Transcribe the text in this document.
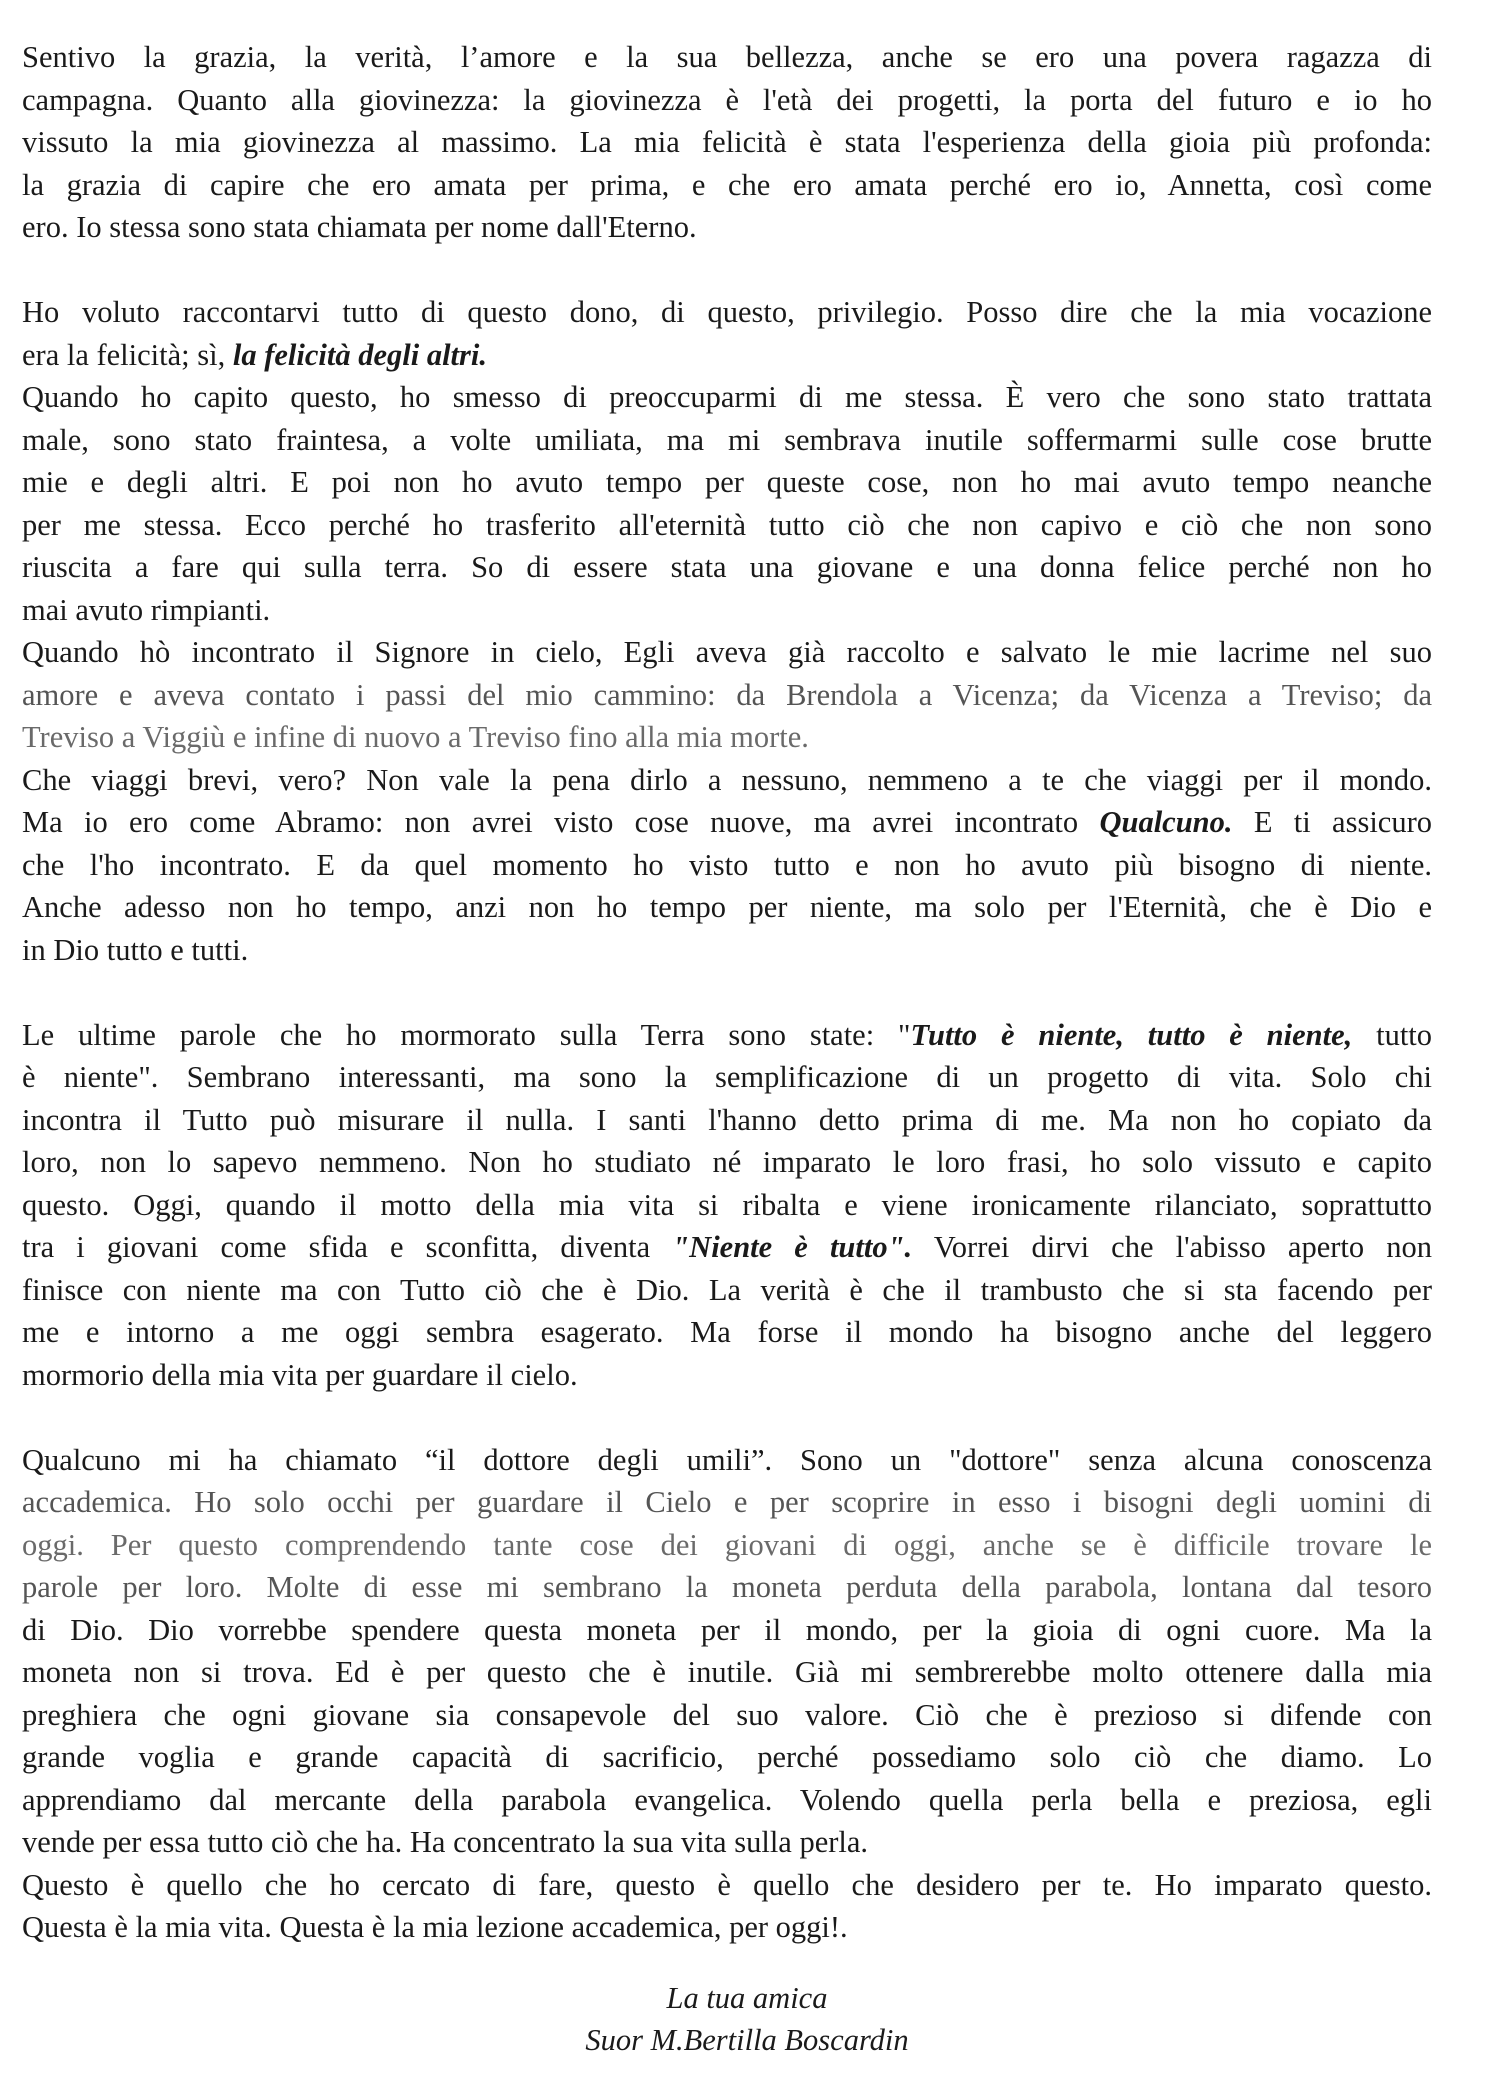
Sentivo la grazia, la verità, l’amore e la sua bellezza, anche se ero una povera ragazza di
campagna. Quanto alla giovinezza: la giovinezza è l'età dei progetti, la porta del futuro e io ho
vissuto la mia giovinezza al massimo. La mia felicità è stata l'esperienza della gioia più profonda:
la grazia di capire che ero amata per prima, e che ero amata perché ero io, Annetta, così come
ero. Io stessa sono stata chiamata per nome dall'Eterno.
Ho voluto raccontarvi tutto di questo dono, di questo, privilegio. Posso dire che la mia vocazione
era la felicità; sì, la felicità degli altri.
Quando ho capito questo, ho smesso di preoccuparmi di me stessa. È vero che sono stato trattata
male, sono stato fraintesa, a volte umiliata, ma mi sembrava inutile soffermarmi sulle cose brutte
mie e degli altri. E poi non ho avuto tempo per queste cose, non ho mai avuto tempo neanche
per me stessa. Ecco perché ho trasferito all'eternità tutto ciò che non capivo e ciò che non sono
riuscita a fare qui sulla terra. So di essere stata una giovane e una donna felice perché non ho
mai avuto rimpianti.
Quando hò incontrato il Signore in cielo, Egli aveva già raccolto e salvato le mie lacrime nel suo
amore e aveva contato i passi del mio cammino: da Brendola a Vicenza; da Vicenza a Treviso; da
Treviso a Viggiù e infine di nuovo a Treviso fino alla mia morte.
Che viaggi brevi, vero? Non vale la pena dirlo a nessuno, nemmeno a te che viaggi per il mondo.
Ma io ero come Abramo: non avrei visto cose nuove, ma avrei incontrato Qualcuno. E ti assicuro
che l'ho incontrato. E da quel momento ho visto tutto e non ho avuto più bisogno di niente.
Anche adesso non ho tempo, anzi non ho tempo per niente, ma solo per l'Eternità, che è Dio e
in Dio tutto e tutti.
Le ultime parole che ho mormorato sulla Terra sono state: "Tutto è niente, tutto è niente, tutto
è niente". Sembrano interessanti, ma sono la semplificazione di un progetto di vita. Solo chi
incontra il Tutto può misurare il nulla. I santi l'hanno detto prima di me. Ma non ho copiato da
loro, non lo sapevo nemmeno. Non ho studiato né imparato le loro frasi, ho solo vissuto e capito
questo. Oggi, quando il motto della mia vita si ribalta e viene ironicamente rilanciato, soprattutto
tra i giovani come sfida e sconfitta, diventa "Niente è tutto". Vorrei dirvi che l'abisso aperto non
finisce con niente ma con Tutto ciò che è Dio. La verità è che il trambusto che si sta facendo per
me e intorno a me oggi sembra esagerato. Ma forse il mondo ha bisogno anche del leggero
mormorio della mia vita per guardare il cielo.
Qualcuno mi ha chiamato “il dottore degli umili”. Sono un "dottore" senza alcuna conoscenza
accademica. Ho solo occhi per guardare il Cielo e per scoprire in esso i bisogni degli uomini di
oggi. Per questo comprendendo tante cose dei giovani di oggi, anche se è difficile trovare le
parole per loro. Molte di esse mi sembrano la moneta perduta della parabola, lontana dal tesoro
di Dio. Dio vorrebbe spendere questa moneta per il mondo, per la gioia di ogni cuore. Ma la
moneta non si trova. Ed è per questo che è inutile. Già mi sembrerebbe molto ottenere dalla mia
preghiera che ogni giovane sia consapevole del suo valore. Ciò che è prezioso si difende con
grande voglia e grande capacità di sacrificio, perché possediamo solo ciò che diamo. Lo
apprendiamo dal mercante della parabola evangelica. Volendo quella perla bella e preziosa, egli
vende per essa tutto ciò che ha. Ha concentrato la sua vita sulla perla.
Questo è quello che ho cercato di fare, questo è quello che desidero per te. Ho imparato questo.
Questa è la mia vita. Questa è la mia lezione accademica, per oggi!.
La tua amica
Suor M.Bertilla Boscardin
